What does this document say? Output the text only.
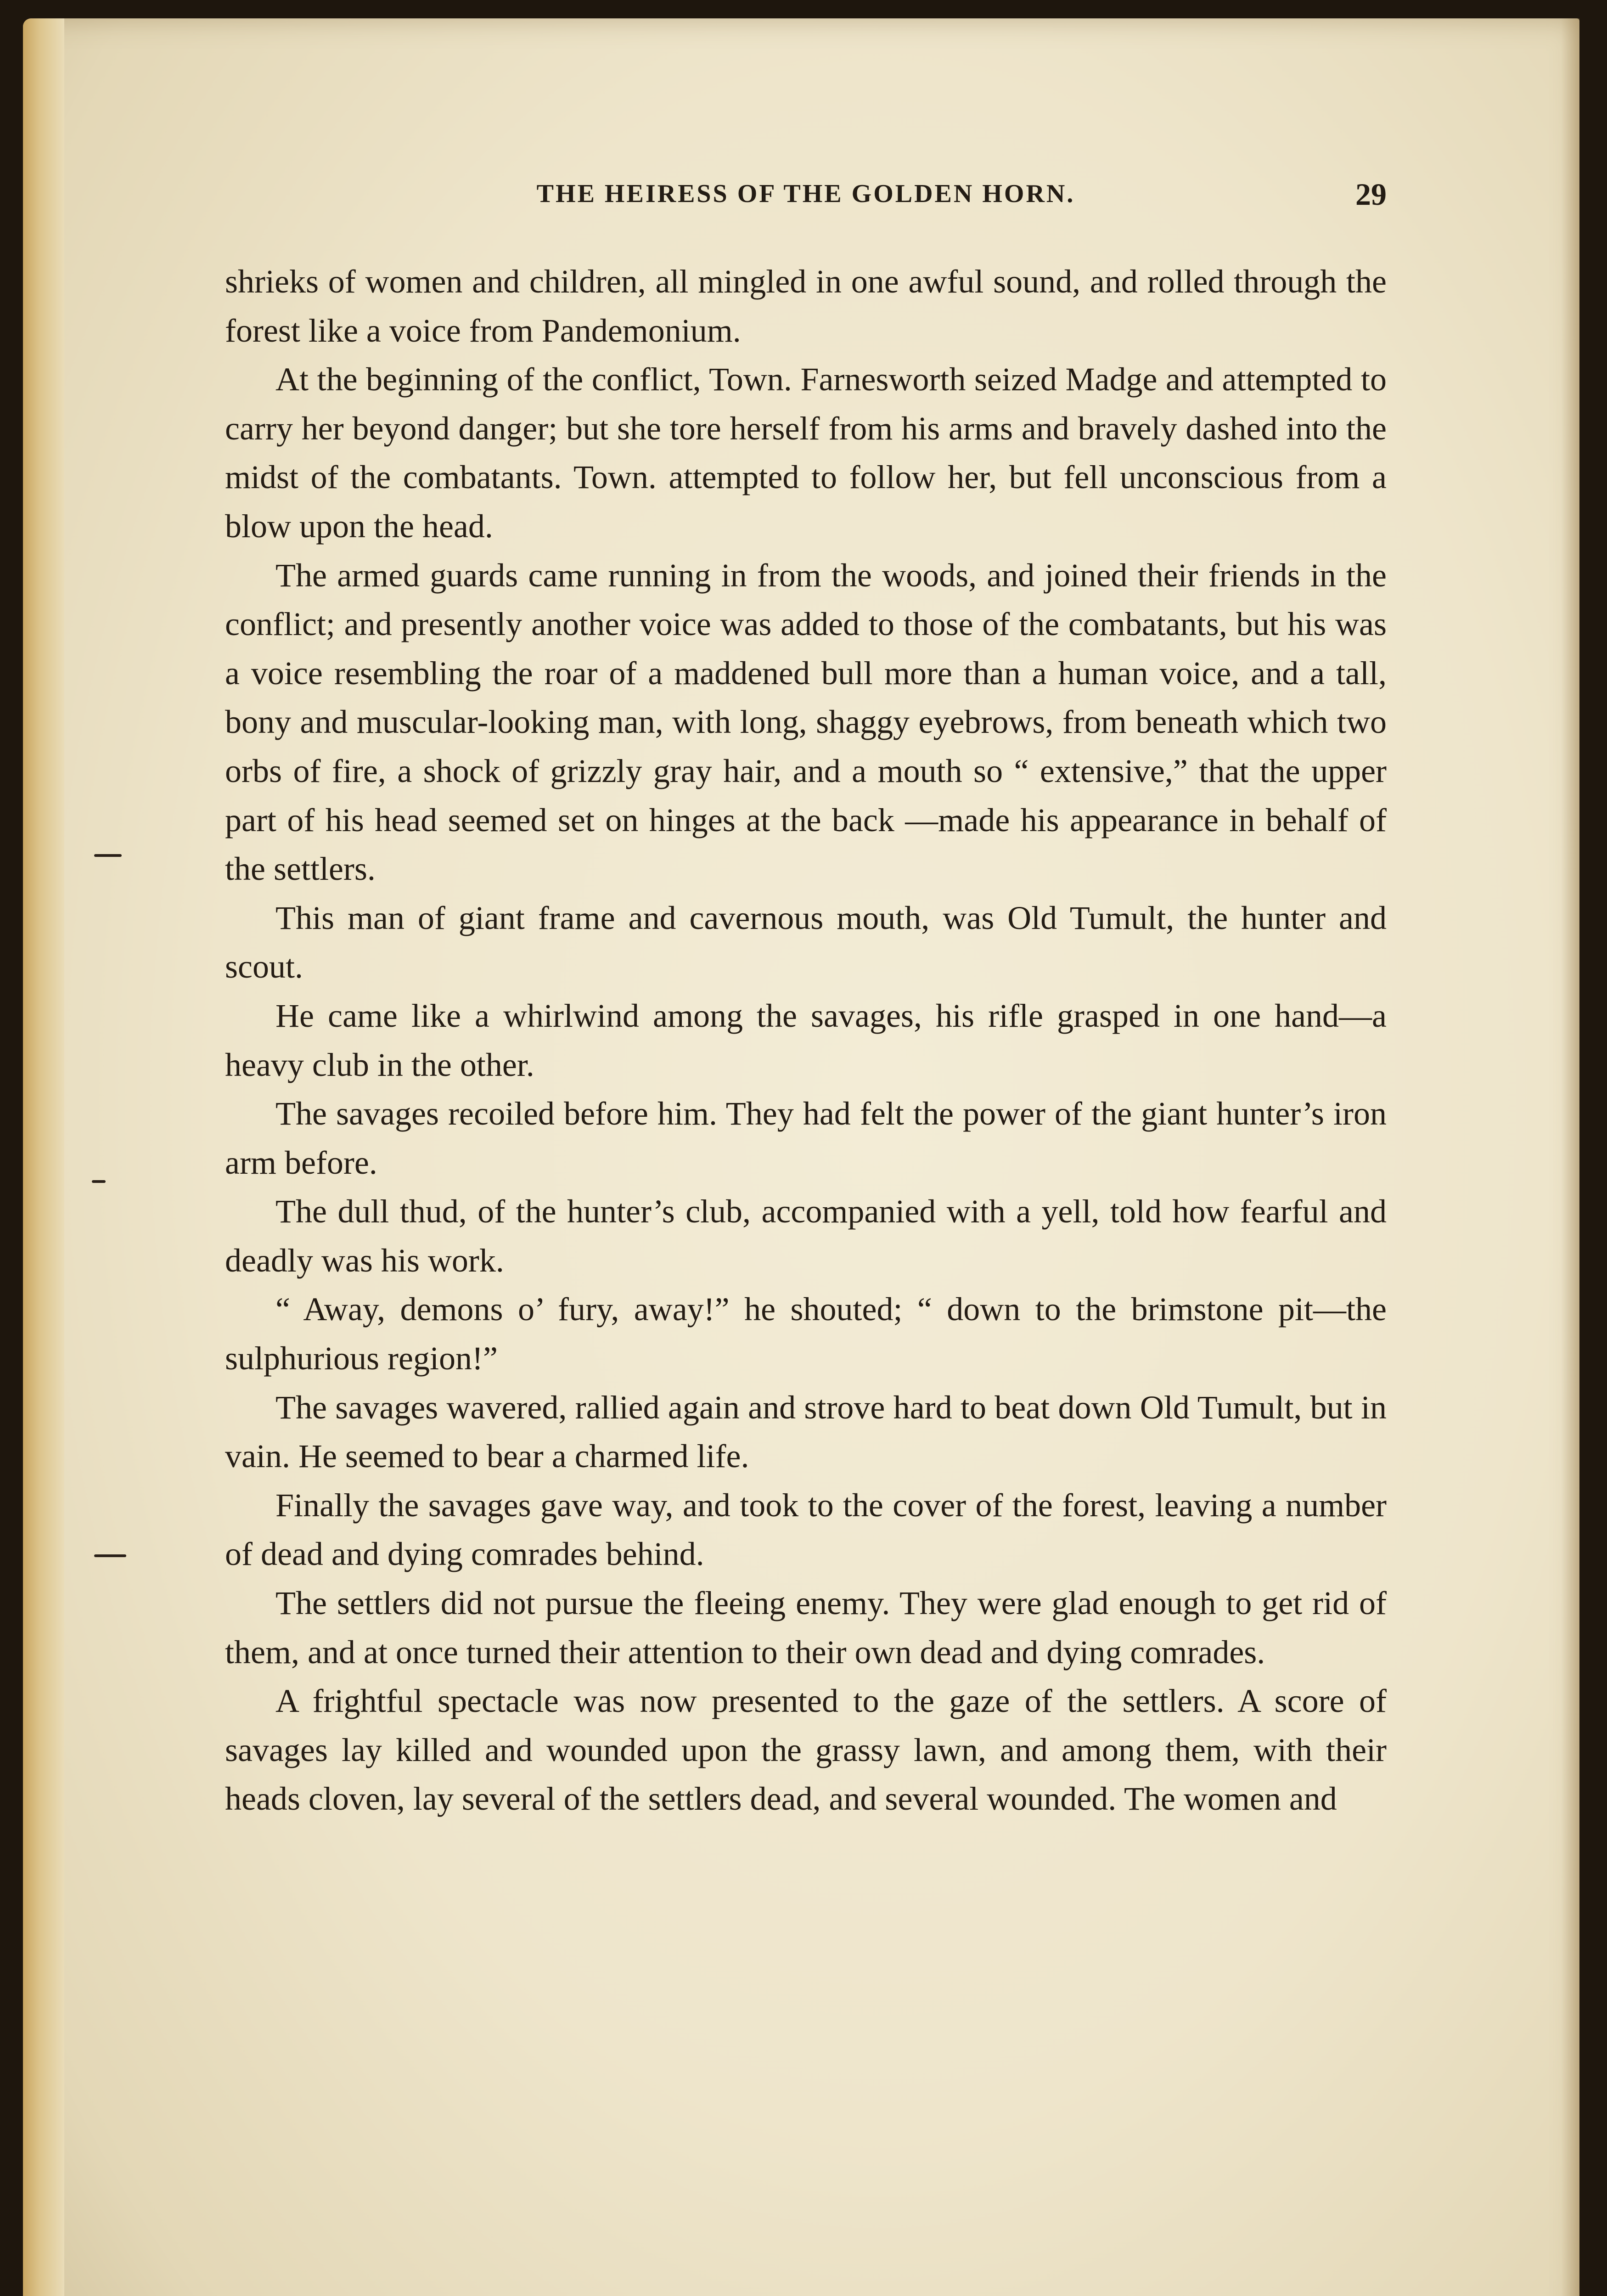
THE HEIRESS OF THE GOLDEN HORN.	29

shrieks of women and children, all mingled in one awful sound, and rolled through the forest like a voice from Pandemonium.

At the beginning of the conflict, Town. Farnesworth seized Madge and attempted to carry her beyond danger; but she tore herself from his arms and bravely dashed into the midst of the combatants. Town. attempted to follow her, but fell unconscious from a blow upon the head.

The armed guards came running in from the woods, and joined their friends in the conflict; and presently another voice was added to those of the combatants, but his was a voice resembling the roar of a maddened bull more than a human voice, and a tall, bony and muscular-looking man, with long, shaggy eyebrows, from beneath which two orbs of fire, a shock of grizzly gray hair, and a mouth so “ extensive,” that the upper part of his head seemed set on hinges at the back —made his appearance in behalf of the settlers.

This man of giant frame and cavernous mouth, was Old Tumult, the hunter and scout.

He came like a whirlwind among the savages, his rifle grasped in one hand—a heavy club in the other.

The savages recoiled before him. They had felt the power of the giant hunter’s iron arm before.

The dull thud, of the hunter’s club, accompanied with a yell, told how fearful and deadly was his work.

“ Away, demons o’ fury, away!” he shouted; “ down to the brimstone pit—the sulphurious region!”

The savages wavered, rallied again and strove hard to beat down Old Tumult, but in vain. He seemed to bear a charmed life.

Finally the savages gave way, and took to the cover of the forest, leaving a number of dead and dying comrades behind.

The settlers did not pursue the fleeing enemy. They were glad enough to get rid of them, and at once turned their attention to their own dead and dying comrades.

A frightful spectacle was now presented to the gaze of the settlers. A score of savages lay killed and wounded upon the grassy lawn, and among them, with their heads cloven, lay several of the settlers dead, and several wounded. The women and
